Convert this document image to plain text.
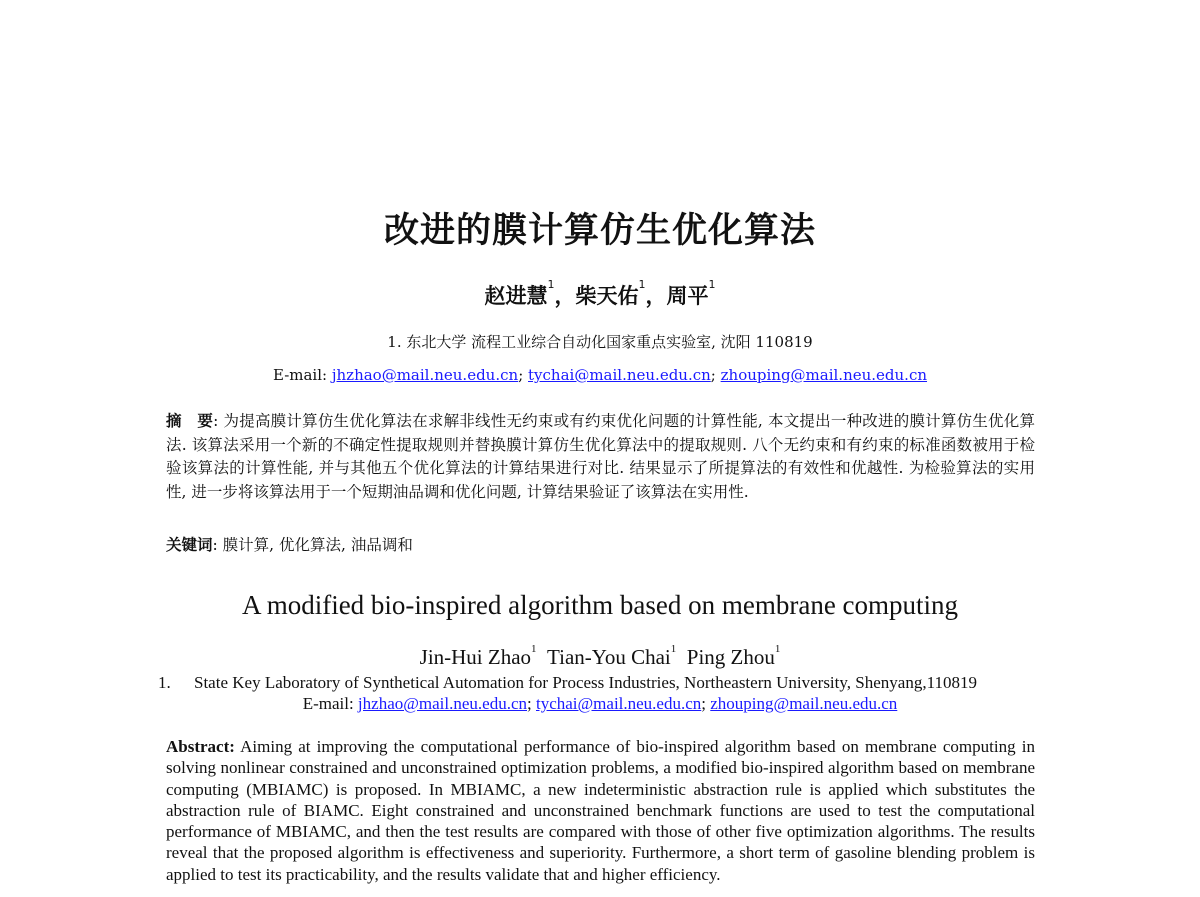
改进的膜计算仿生优化算法
赵进慧$^1$，柴天佑$^1$，周平$^1$
1. 东北大学 流程工业综合自动化国家重点实验室, 沈阳 110819
E-mail: jhzhao@mail.neu.edu.cn; tychai@mail.neu.edu.cn; zhouping@mail.neu.edu.cn
摘　要: 为提高膜计算仿生优化算法在求解非线性无约束或有约束优化问题的计算性能, 本文提出一种改进的膜计算仿生优化算法. 该算法采用一个新的不确定性提取规则并替换膜计算仿生优化算法中的提取规则. 八个无约束和有约束的标准函数被用于检验该算法的计算性能, 并与其他五个优化算法的计算结果进行对比. 结果显示了所提算法的有效性和优越性. 为检验算法的实用性, 进一步将该算法用于一个短期油品调和优化问题, 计算结果验证了该算法在实用性.
关键词: 膜计算, 优化算法, 油品调和
A modified bio-inspired algorithm based on membrane computing
Jin-Hui Zhao$^1$ Tian-You Chai$^1$ Ping Zhou$^1$
1. State Key Laboratory of Synthetical Automation for Process Industries, Northeastern University, Shenyang,110819
E-mail: jhzhao@mail.neu.edu.cn; tychai@mail.neu.edu.cn; zhouping@mail.neu.edu.cn
Abstract: Aiming at improving the computational performance of bio-inspired algorithm based on membrane computing in solving nonlinear constrained and unconstrained optimization problems, a modified bio-inspired algorithm based on membrane computing (MBIAMC) is proposed. In MBIAMC, a new indeterministic abstraction rule is applied which substitutes the abstraction rule of BIAMC. Eight constrained and unconstrained benchmark functions are used to test the computational performance of MBIAMC, and then the test results are compared with those of other five optimization algorithms. The results reveal that the proposed algorithm is effectiveness and superiority. Furthermore, a short term of gasoline blending problem is applied to test its practicability, and the results validate that and higher efficiency.
